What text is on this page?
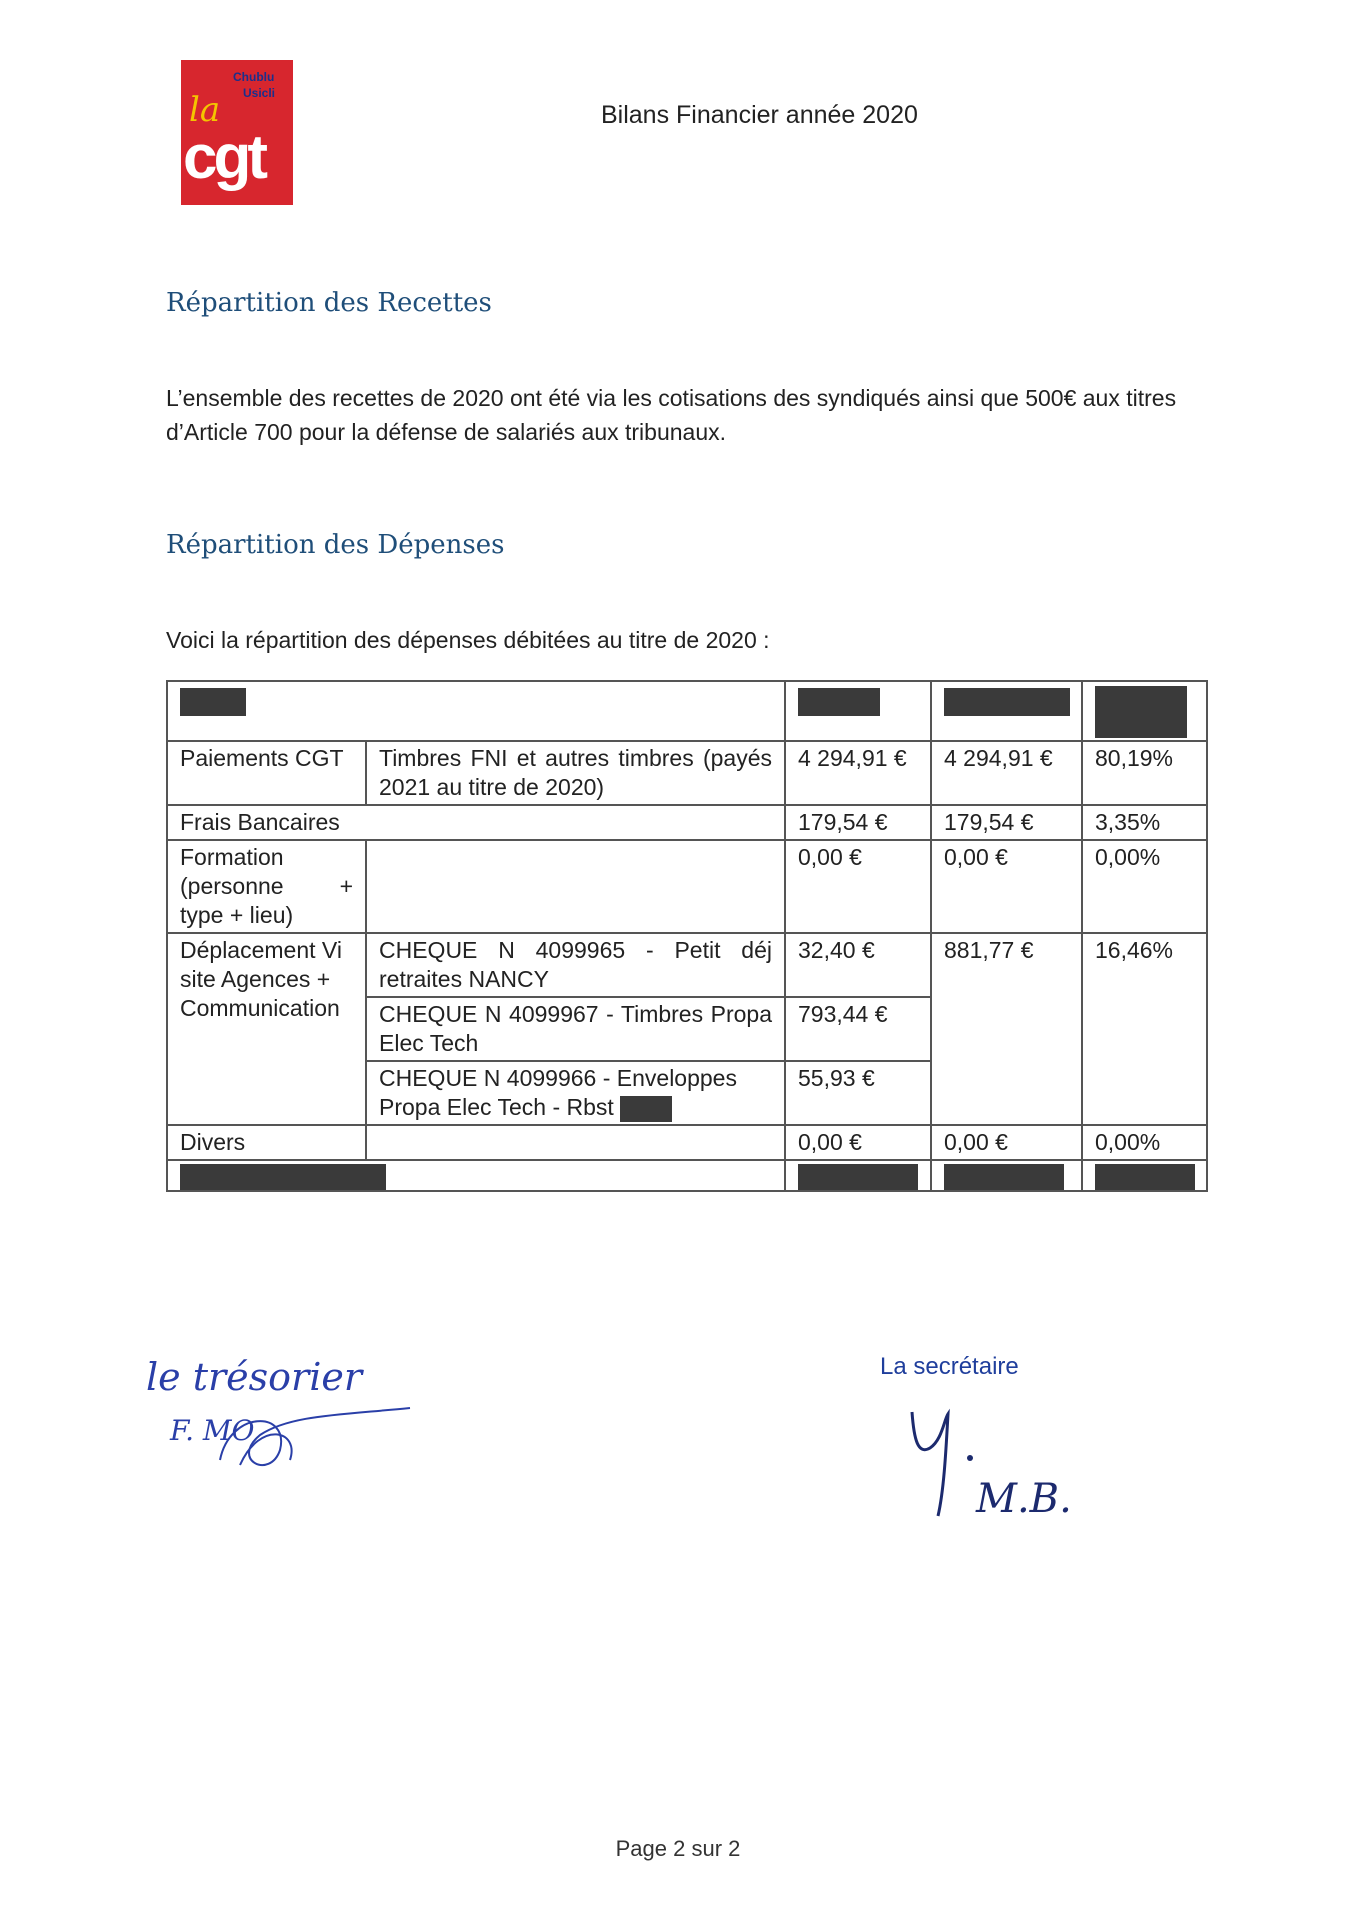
Chublu
Usicli
la
cgt
Bilans Financier année 2020
Répartition des Recettes
L’ensemble des recettes de 2020 ont été via les cotisations des syndiqués ainsi que 500€ aux titres d’Article 700 pour la défense de salariés aux tribunaux.
Répartition des Dépenses
Voici la répartition des dépenses débitées au titre de 2020 :

Paiements CGT	Timbres FNI et autres timbres (payés 2021 au titre de 2020)	4 294,91 €	4 294,91 €	80,19%
Frais Bancaires		179,54 €	179,54 €	3,35%
Formation (personne + type + lieu)		0,00 €	0,00 €	0,00%
Déplacement Visite Agences + Communication	CHEQUE N 4099965 - Petit déj retraites NANCY	32,40 €	881,77 €	16,46%
	CHEQUE N 4099967 - Timbres Propa Elec Tech	793,44 €		
	CHEQUE N 4099966 - Enveloppes Propa Elec Tech - Rbst	55,93 €		
Divers		0,00 €	0,00 €	0,00%

le trésorier
F. MO
La secrétaire
M.B.
Page 2 sur 2
